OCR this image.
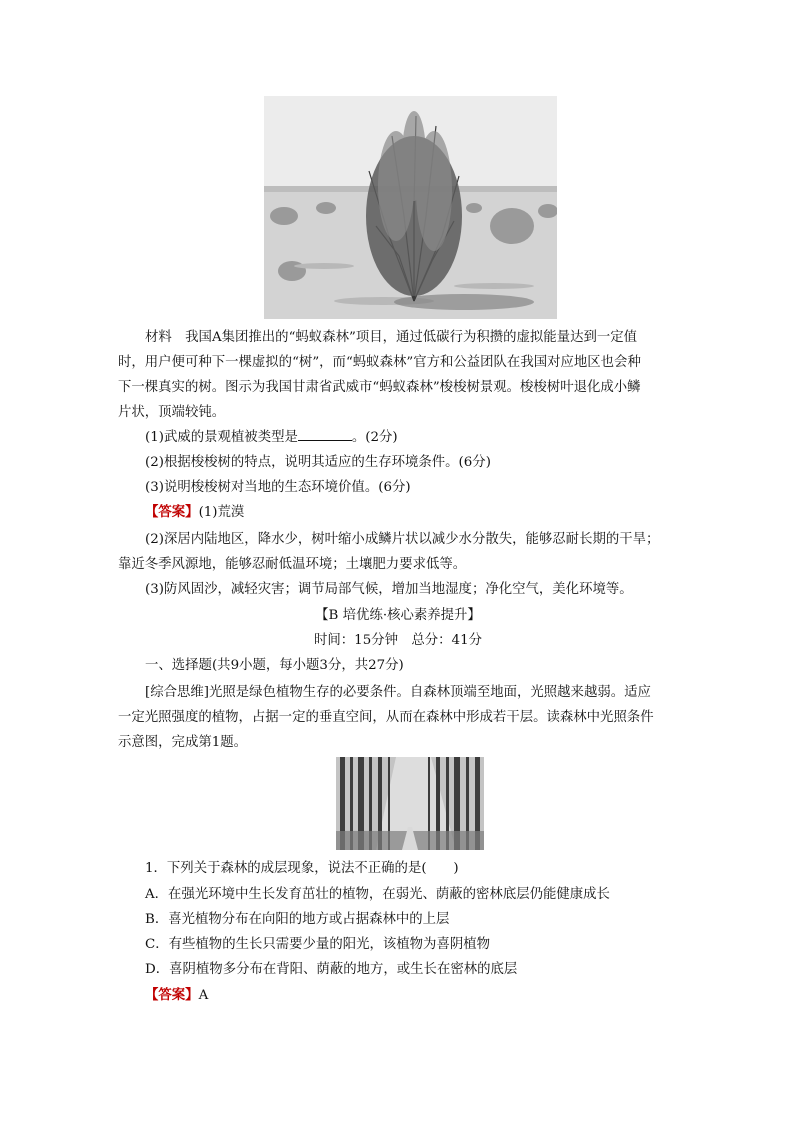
材料　我国A集团推出的“蚂蚁森林”项目，通过低碳行为积攒的虚拟能量达到一定值

时，用户便可种下一棵虚拟的“树”，而“蚂蚁森林”官方和公益团队在我国对应地区也会种

下一棵真实的树。图示为我国甘肃省武威市“蚂蚁森林”梭梭树景观。梭梭树叶退化成小鳞

片状，顶端较钝。

(1)武威的景观植被类型是	。(2分)

(2)根据梭梭树的特点，说明其适应的生存环境条件。(6分)

(3)说明梭梭树对当地的生态环境价值。(6分)

【答案】(1)荒漠

(2)深居内陆地区，降水少，树叶缩小成鳞片状以减少水分散失，能够忍耐长期的干旱；

靠近冬季风源地，能够忍耐低温环境；土壤肥力要求低等。

(3)防风固沙，减轻灾害；调节局部气候，增加当地湿度；净化空气，美化环境等。

【B 培优练·核心素养提升】

时间：15分钟　总分：41分

一、选择题(共9小题，每小题3分，共27分)

[综合思维]光照是绿色植物生存的必要条件。自森林顶端至地面，光照越来越弱。适应

一定光照强度的植物，占据一定的垂直空间，从而在森林中形成若干层。读森林中光照条件

示意图，完成第1题。

1．下列关于森林的成层现象，说法不正确的是(　　)

A．在强光环境中生长发育茁壮的植物，在弱光、荫蔽的密林底层仍能健康成长

B．喜光植物分布在向阳的地方或占据森林中的上层

C．有些植物的生长只需要少量的阳光，该植物为喜阴植物

D．喜阴植物多分布在背阳、荫蔽的地方，或生长在密林的底层

【答案】A
